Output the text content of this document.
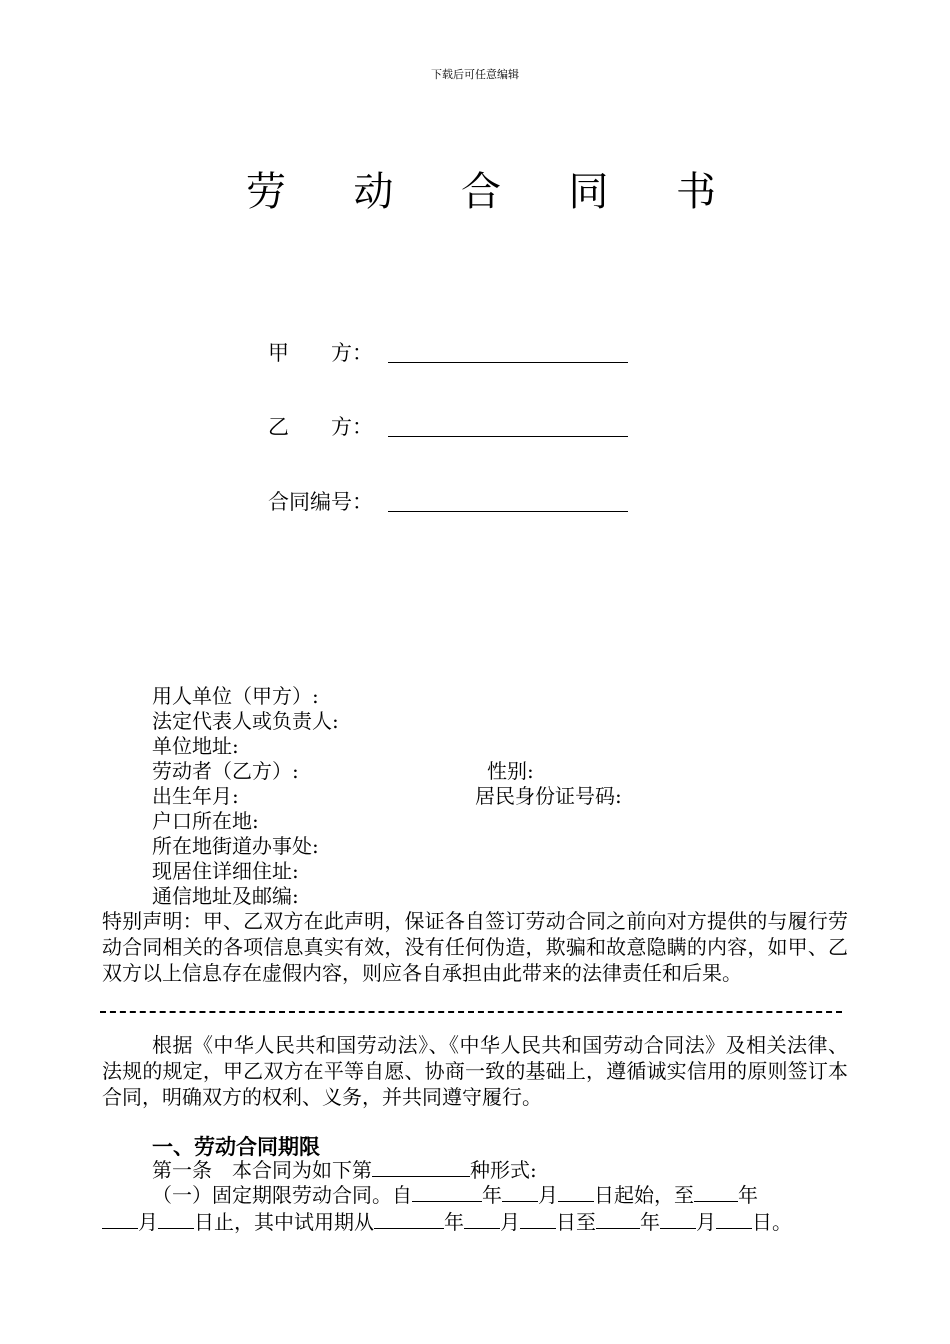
下载后可任意编辑
劳 动 合 同 书
甲　　方：
乙　　方：
合同编号：
用人单位（甲方）:
法定代表人或负责人:
单位地址:
劳动者（乙方）:	性别:
出生年月:	居民身份证号码:
户口所在地:
所在地街道办事处:
现居住详细住址:
通信地址及邮编:
特别声明：甲、乙双方在此声明，保证各自签订劳动合同之前向对方提供的与履行劳动合同相关的各项信息真实有效，没有任何伪造，欺骗和故意隐瞒的内容，如甲、乙双方以上信息存在虚假内容，则应各自承担由此带来的法律责任和后果。
根据《中华人民共和国劳动法》、《中华人民共和国劳动合同法》及相关法律、法规的规定，甲乙双方在平等自愿、协商一致的基础上，遵循诚实信用的原则签订本合同，明确双方的权利、义务，并共同遵守履行。
一、劳动合同期限
第一条　本合同为如下第	种形式:
（一）固定期限劳动合同。自	年 月 日起始，至 年
月 日止，其中试用期从	年 月 日至 年 月 日。
